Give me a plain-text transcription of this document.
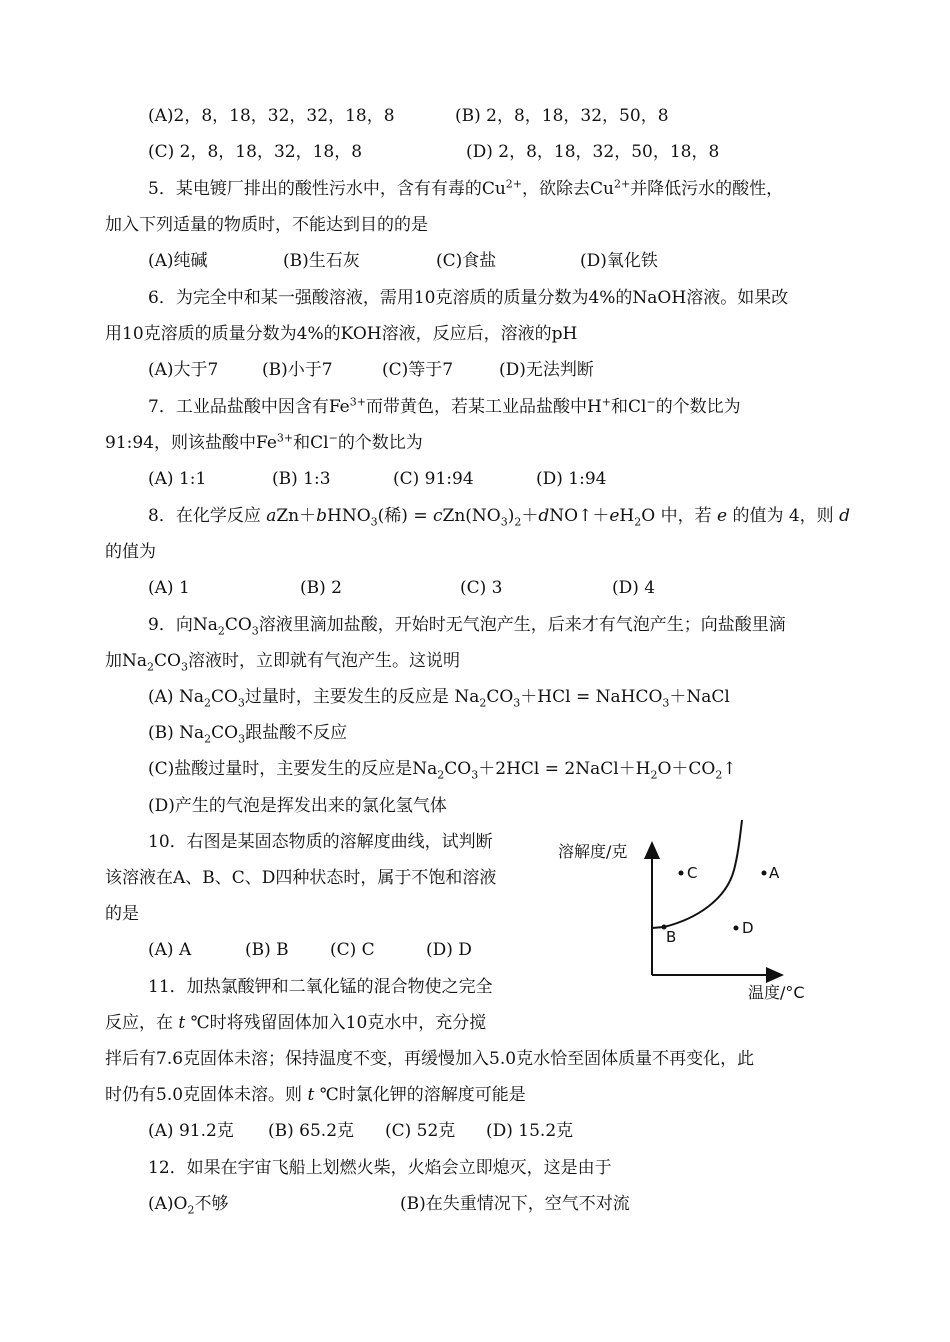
(A)2，8，18，32，32，18，8	(B) 2，8，18，32，50，8
(C) 2，8，18，32，18，8	(D) 2，8，18，32，50，18，8
5．某电镀厂排出的酸性污水中，含有有毒的$Cu^{2+}$，欲除去$Cu^{2+}$并降低污水的酸性，
加入下列适量的物质时，不能达到目的的是
(A)纯碱	(B)生石灰	(C)食盐	(D)氧化铁
6．为完全中和某一强酸溶液，需用10克溶质的质量分数为4%的NaOH溶液。如果改
用10克溶质的质量分数为4%的KOH溶液，反应后，溶液的pH
(A)大于7	(B)小于7	(C)等于7	(D)无法判断
7．工业品盐酸中因含有$Fe^{3+}$而带黄色，若某工业品盐酸中H+和Cl−的个数比为
91:94，则该盐酸中$Fe^{3+}$和Cl−的个数比为
(A) 1:1	(B) 1:3	(C) 91:94	(D) 1:94
8．在化学反应 aZn＋bHNO$_3$(稀) = $cZn(NO_3)_2+dNO↑+eH_2O$ 中，若 e 的值为 4，则 d
的值为
(A) 1	(B) 2	(C) 3	(D) 4
9．向$Na_2CO_3$溶液里滴加盐酸，开始时无气泡产生，后来才有气泡产生；向盐酸里滴
加$Na_2CO_3$溶液时，立即就有气泡产生。这说明
(A) $Na_2CO_3$过量时，主要发生的反应是 $Na_2CO_3+HCl$ = NaHCO$_3$＋NaCl
(B) $Na_2CO_3$跟盐酸不反应
(C)盐酸过量时，主要发生的反应是$Na_2CO_3+2HCl$ = $2NaCl+H_2O+CO_2↑$
(D)产生的气泡是挥发出来的氯化氢气体
10．右图是某固态物质的溶解度曲线，试判断
该溶液在A、B、C、D四种状态时，属于不饱和溶液
的是
(A) A	(B) B (C) C	(D) D
溶解度/克
温度/°C
C	A
B	D
11．加热氯酸钾和二氧化锰的混合物使之完全
反应，在 t ℃时将残留固体加入10克水中，充分搅
拌后有7.6克固体未溶；保持温度不变，再缓慢加入5.0克水恰至固体质量不再变化，此
时仍有5.0克固体未溶。则 t ℃时氯化钾的溶解度可能是
(A) 91.2克 (B) 65.2克 (C) 52克 (D) 15.2克
12．如果在宇宙飞船上划燃火柴，火焰会立即熄灭，这是由于
$(A)O_2$不够	(B)在失重情况下，空气不对流
